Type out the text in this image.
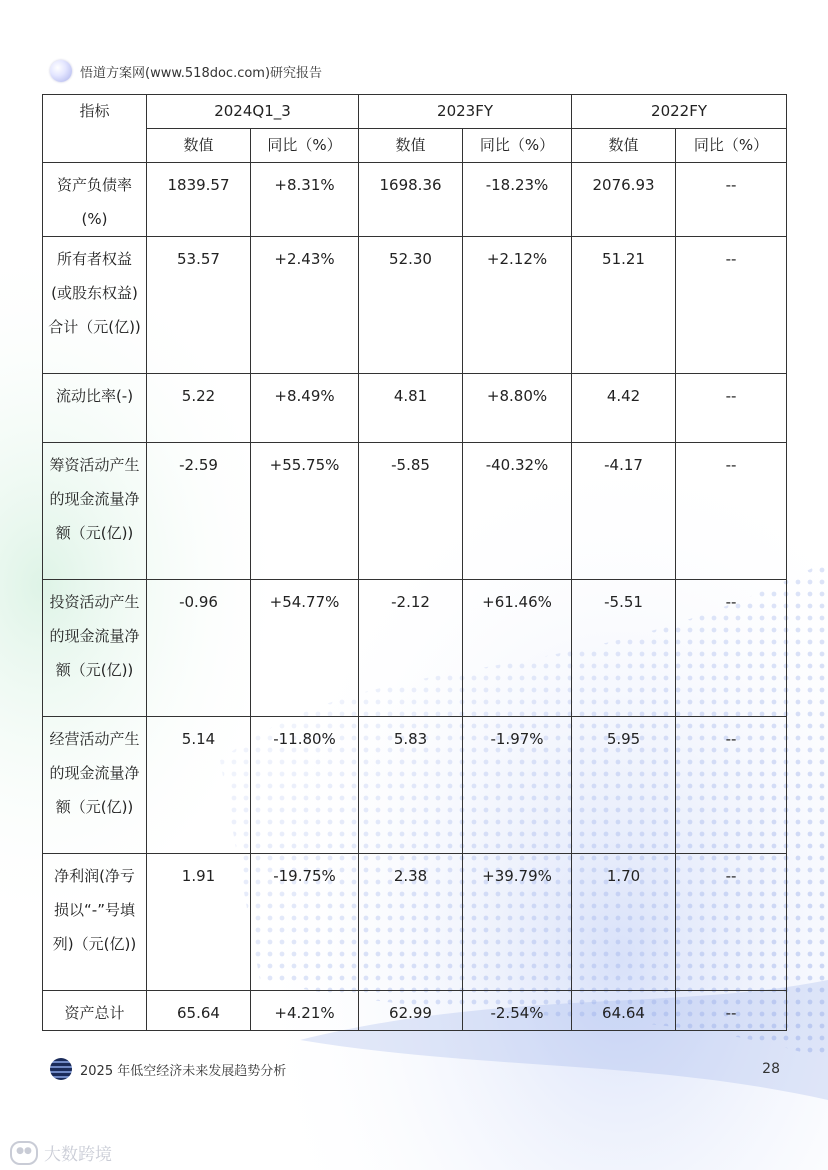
悟道方案网(www.518doc.com)研究报告
指标	2024Q1_3		2023FY		2022FY	
	数值	同比（%）	数值	同比（%）	数值	同比（%）
资产负债率(%)	1839.57	+8.31%	1698.36	-18.23%	2076.93	--
所有者权益(或股东权益)合计（元(亿))	53.57	+2.43%	52.30	+2.12%	51.21	--
流动比率(-)	5.22	+8.49%	4.81	+8.80%	4.42	--
筹资活动产生的现金流量净额（元(亿))	-2.59	+55.75%	-5.85	-40.32%	-4.17	--
投资活动产生的现金流量净额（元(亿))	-0.96	+54.77%	-2.12	+61.46%	-5.51	--
经营活动产生的现金流量净额（元(亿))	5.14	-11.80%	5.83	-1.97%	5.95	--
净利润(净亏损以“-”号填列)（元(亿))	1.91	-19.75%	2.38	+39.79%	1.70	--
资产总计	65.64	+4.21%	62.99	-2.54%	64.64	--
2025 年低空经济未来发展趋势分析	28
●● 大数跨境
